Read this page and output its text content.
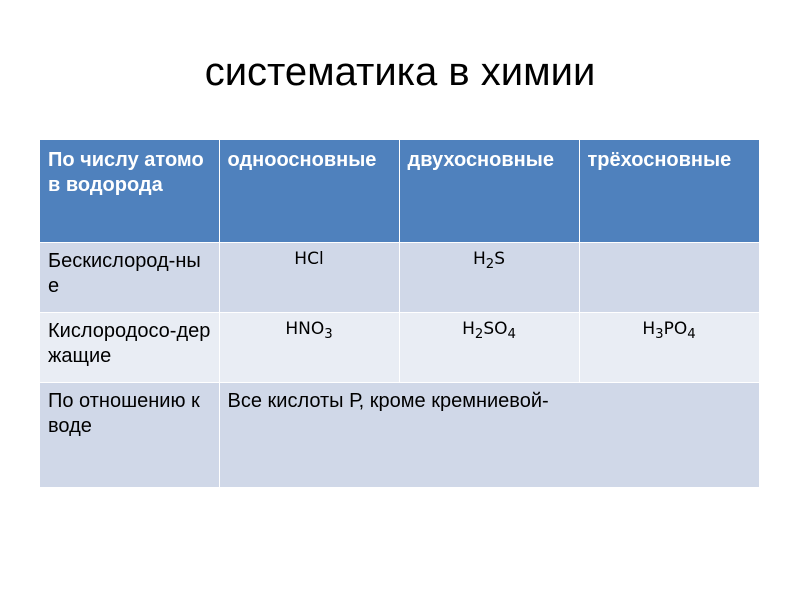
систематика в химии
По числу атомов водорода	одноосновные	двухосновные	трёхосновные
Бескислород-ные	HCl	$H_2S$	
Кислородосо-держащие	$HNO_3$	$H_2SO_4$	$H_3PO_4$
По отношению к воде	Все кислоты Р, кроме кремниевой-		
